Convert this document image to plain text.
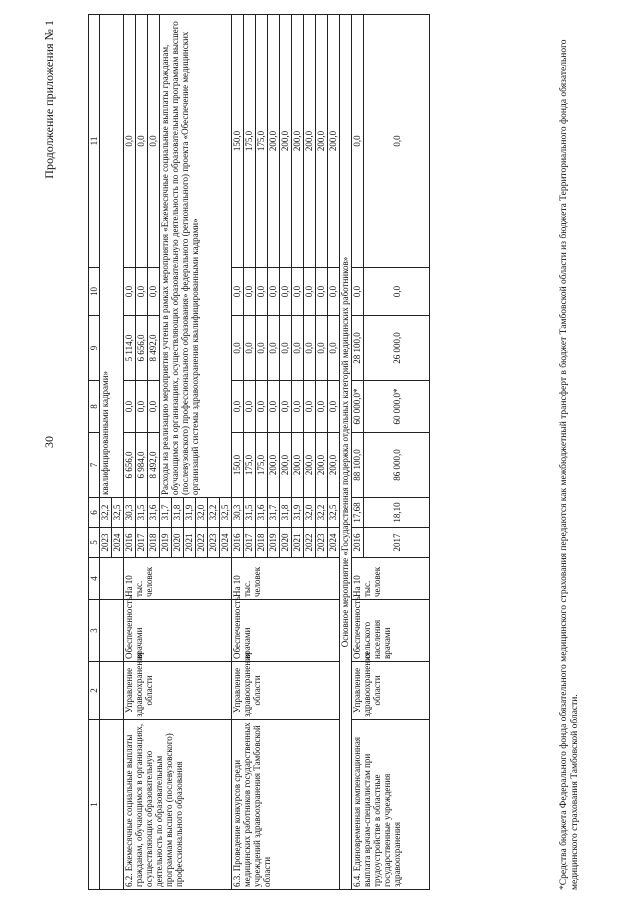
30
Продолжение приложения № 1
1	2	3	4	5	6	7	8	9	10	11
				2023	32,2	квалифицированными кадрами»				
				2024	32,5					
6.2. Ежемесячные социальные выплаты гражданам, обучающимся в организациях, осуществляющих образовательную деятельность по образовательным программам высшего (послевузовского) профессионального образования	Управление здравоохранения области	Обеспеченность врачами	На 10 тыс. человек	2016	30,3	6 656,0	0,0	5 114,0	0,0	0,0
				2017	31,5	6 984,0	0,0	6 656,0	0,0	0,0
				2018	31,6	8 492,0	0,0	8 492,0	0,0	0,0
				2019	31,7	Расходы на реализацию мероприятия учтены в рамках мероприятия «Ежемесячные социальные выплаты гражданам, обучающимся в организациях, осуществляющих образовательную деятельность по образовательным программам высшего (послевузовского) профессионального образования» федерального (регионального) проекта «Обеспечение медицинских организаций системы здравоохранения квалифицированными кадрами»				
				2020	31,8					
				2021	31,9					
				2022	32,0					
				2023	32,2					
				2024	32,5					
6.3. Проведение конкурсов среди медицинских работников государственных учреждений здравоохранения Тамбовской области	Управление здравоохранения области	Обеспеченность врачами	На 10 тыс. человек	2016	30,3	150,0	0,0	0,0	0,0	150,0
				2017	31,5	175,0	0,0	0,0	0,0	175,0
				2018	31,6	175,0	0,0	0,0	0,0	175,0
				2019	31,7	200,0	0,0	0,0	0,0	200,0
				2020	31,8	200,0	0,0	0,0	0,0	200,0
				2021	31,9	200,0	0,0	0,0	0,0	200,0
				2022	32,0	200,0	0,0	0,0	0,0	200,0
				2023	32,2	200,0	0,0	0,0	0,0	200,0
				2024	32,5	200,0	0,0	0,0	0,0	200,0
Основное мероприятие «Государственная поддержка отдельных категорий медицинских работников»										
6.4. Единовременная компенсационная выплата врачам-специалистам при трудоустройстве в областные государственные учреждения здравоохранения	Управление здравоохранения области	Обеспеченность сельского населения врачами	На 10 тыс. человек	2016	17,68	88 100,0	60 000,0*	28 100,0	0,0	0,0
				2017	18,10	86 000,0	60 000,0*	26 000,0	0,0	0,0	*Средства бюджета Федерального фонда обязательного медицинского страхования передаются как межбюджетный трансферт в бюджет Тамбовской области из бюджета Территориального фонда обязательного медицинского страхования Тамбовской области.
